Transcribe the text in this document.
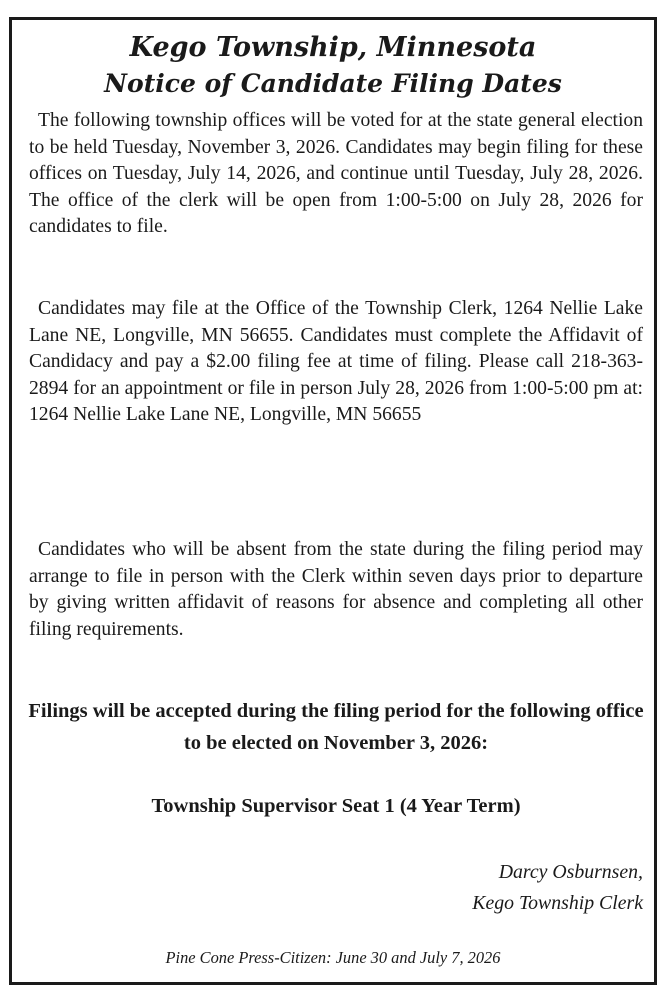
Kego Township, Minnesota
Notice of Candidate Filing Dates

The following township offices will be voted for at the state general election to be held Tuesday, November 3, 2026. Candidates may begin filing for these offices on Tuesday, July 14, 2026, and continue until Tuesday, July 28, 2026. The office of the clerk will be open from 1:00-5:00 on July 28, 2026 for candidates to file.

Candidates may file at the Office of the Township Clerk, 1264 Nellie Lake Lane NE, Longville, MN 56655. Candidates must complete the Affidavit of Candidacy and pay a $2.00 filing fee at time of filing. Please call 218-363-2894 for an appointment or file in person July 28, 2026 from 1:00-5:00 pm at: 1264 Nellie Lake Lane NE, Longville, MN 56655

Candidates who will be absent from the state during the filing period may arrange to file in person with the Clerk within seven days prior to departure by giving written affidavit of reasons for absence and completing all other filing requirements.

Filings will be accepted during the filing period for the following office to be elected on November 3, 2026:

Township Supervisor Seat 1 (4 Year Term)

Darcy Osburnsen,

Kego Township Clerk

Pine Cone Press-Citizen: June 30 and July 7, 2026
